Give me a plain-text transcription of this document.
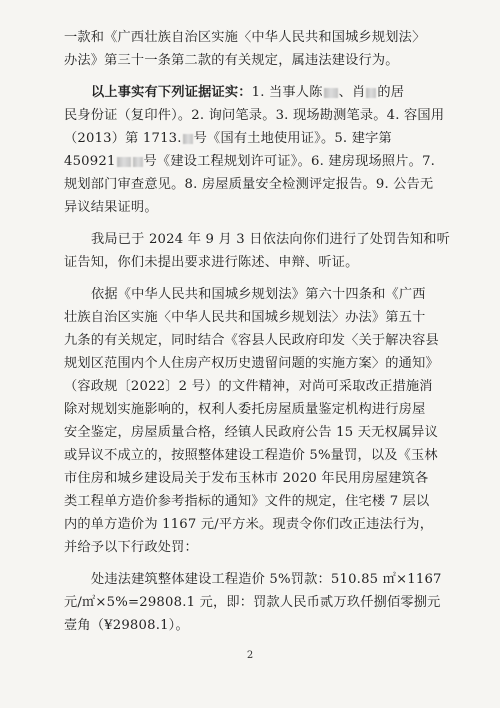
一款和《广西壮族自治区实施〈中华人民共和国城乡规划法〉
办法》第三十一条第二款的有关规定，属违法建设行为。
以上事实有下列证据证实：1. 当事人陈 、肖 的居
民身份证（复印件）。2. 询问笔录。3. 现场勘测笔录。4. 容国用
（2013）第 1713. 号《国有土地使用证》。5. 建字第
450921 号《建设工程规划许可证》。6. 建房现场照片。7.
规划部门审查意见。8. 房屋质量安全检测评定报告。9. 公告无
异议结果证明。
我局已于 2024 年 9 月 3 日依法向你们进行了处罚告知和听
证告知，你们未提出要求进行陈述、申辩、听证。
依据《中华人民共和国城乡规划法》第六十四条和《广西
壮族自治区实施〈中华人民共和国城乡规划法〉办法》第五十
九条的有关规定，同时结合《容县人民政府印发〈关于解决容县
规划区范围内个人住房产权历史遗留问题的实施方案〉的通知》
（容政规〔2022〕2 号）的文件精神，对尚可采取改正措施消
除对规划实施影响的，权利人委托房屋质量鉴定机构进行房屋
安全鉴定，房屋质量合格，经镇人民政府公告 15 天无权属异议
或异议不成立的，按照整体建设工程造价 5%量罚，以及《玉林
市住房和城乡建设局关于发布玉林市 2020 年民用房屋建筑各
类工程单方造价参考指标的通知》文件的规定，住宅楼 7 层以
内的单方造价为 1167 元/平方米。现责令你们改正违法行为，
并给予以下行政处罚：
处违法建筑整体建设工程造价 5%罚款：510.85 ㎡×1167
元/㎡×5%=29808.1 元，即：罚款人民币贰万玖仟捌佰零捌元
壹角（¥29808.1）。
2
